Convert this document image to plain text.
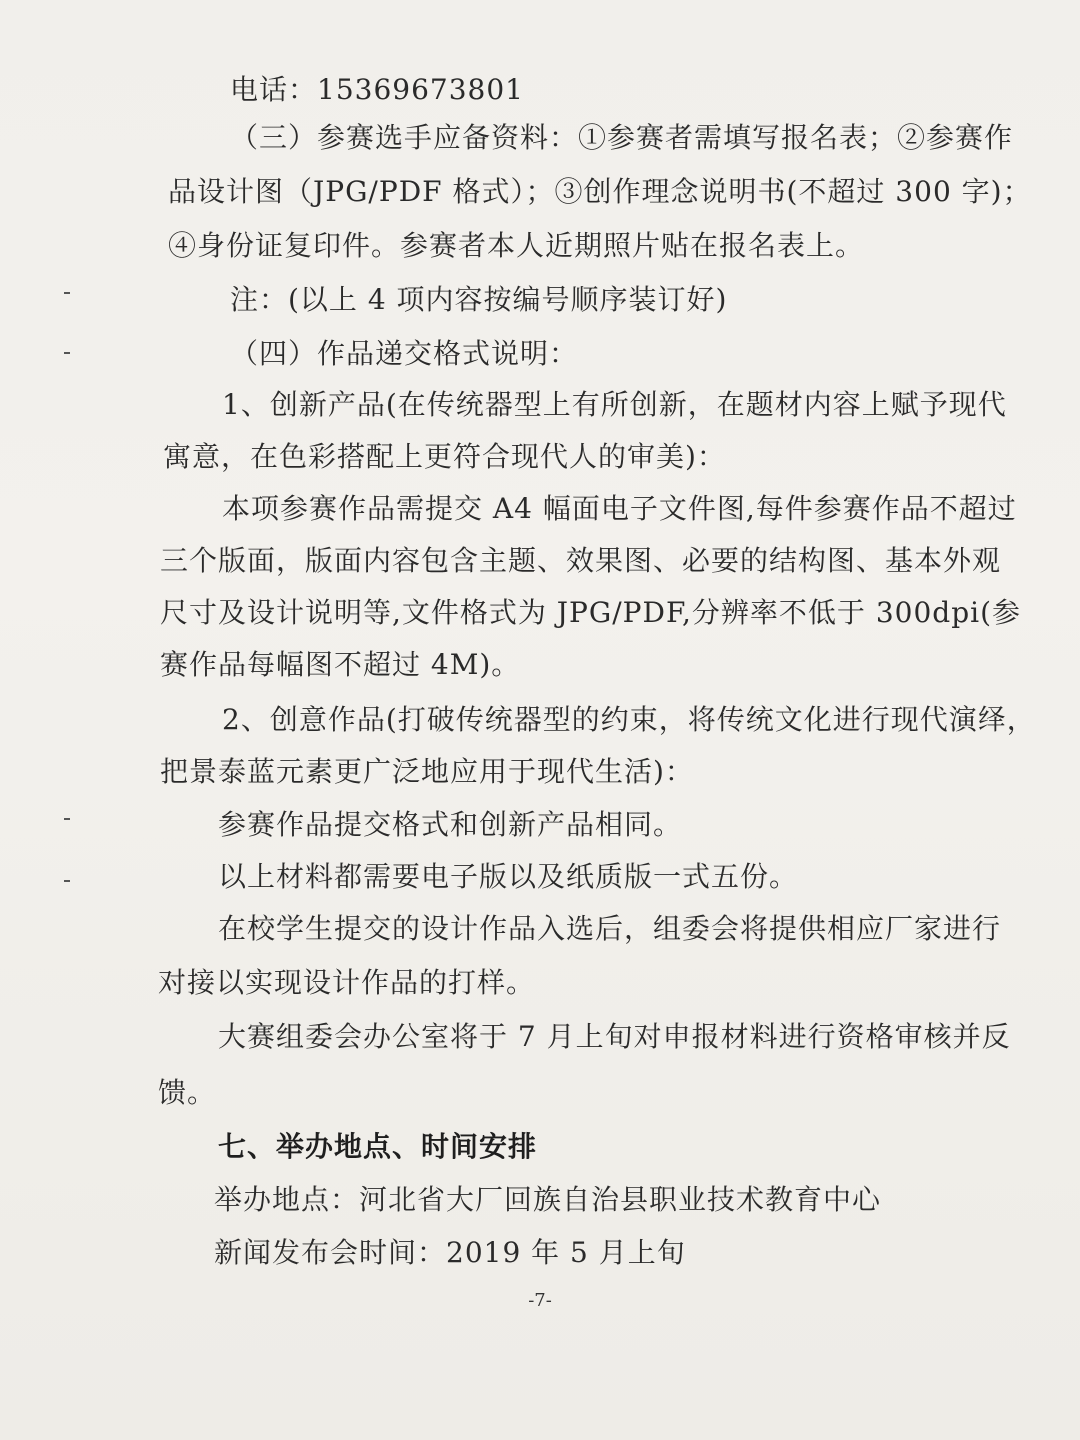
电话：15369673801
（三）参赛选手应备资料：①参赛者需填写报名表；②参赛作
品设计图（JPG/PDF 格式）；③创作理念说明书(不超过 300 字)；
④身份证复印件。参赛者本人近期照片贴在报名表上。
注：(以上 4 项内容按编号顺序装订好)
（四）作品递交格式说明：
1、创新产品(在传统器型上有所创新，在题材内容上赋予现代
寓意，在色彩搭配上更符合现代人的审美)：
本项参赛作品需提交 A4 幅面电子文件图,每件参赛作品不超过
三个版面，版面内容包含主题、效果图、必要的结构图、基本外观
尺寸及设计说明等,文件格式为 JPG/PDF,分辨率不低于 300dpi(参
赛作品每幅图不超过 4M)。
2、创意作品(打破传统器型的约束，将传统文化进行现代演绎，
把景泰蓝元素更广泛地应用于现代生活)：
参赛作品提交格式和创新产品相同。
以上材料都需要电子版以及纸质版一式五份。
在校学生提交的设计作品入选后，组委会将提供相应厂家进行
对接以实现设计作品的打样。
大赛组委会办公室将于 7 月上旬对申报材料进行资格审核并反
馈。
七、举办地点、时间安排
举办地点：河北省大厂回族自治县职业技术教育中心
新闻发布会时间：2019 年 5 月上旬
-7-
